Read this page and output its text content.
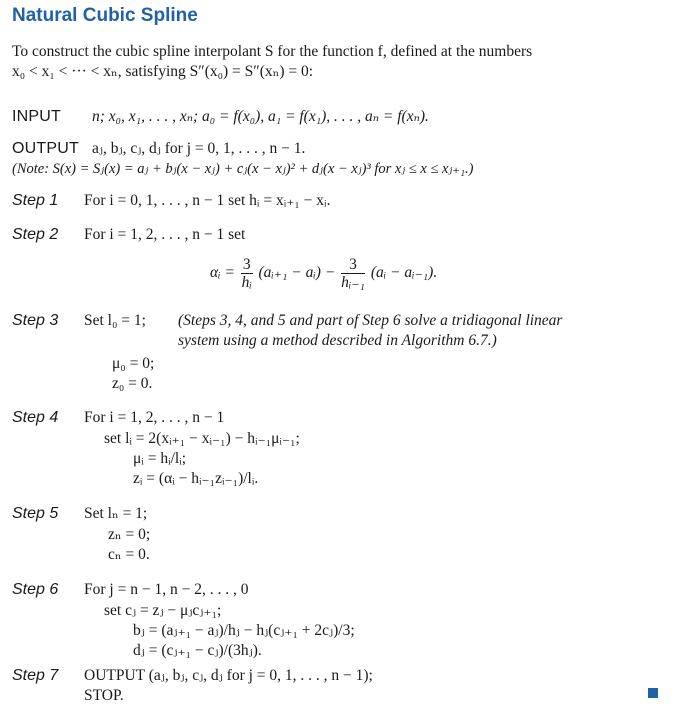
Natural Cubic Spline
To construct the cubic spline interpolant S for the function f, defined at the numbers
x₀ < x₁ < ··· < xₙ, satisfying S″(x₀) = S″(xₙ) = 0:
INPUT n; x₀, x₁, . . . , xₙ; a₀ = f(x₀), a₁ = f(x₁), . . . , aₙ = f(xₙ).
OUTPUT aⱼ, bⱼ, cⱼ, dⱼ for j = 0, 1, . . . , n − 1.
(Note: S(x) = Sⱼ(x) = aⱼ + bⱼ(x − xⱼ) + cⱼ(x − xⱼ)² + dⱼ(x − xⱼ)³ for xⱼ ≤ x ≤ xⱼ₊₁.)
Step 1 For i = 0, 1, . . . , n − 1 set hᵢ = xᵢ₊₁ − xᵢ.
Step 2 For i = 1, 2, . . . , n − 1 set
αᵢ = $\frac{3}{\text{hᵢ}}$ (aᵢ₊₁ − aᵢ) − $\frac{3}{\text{hᵢ₋₁}}$ (aᵢ − aᵢ₋₁).
Step 3 Set l₀ = 1; (Steps 3, 4, and 5 and part of Step 6 solve a tridiagonal linear
system using a method described in Algorithm 6.7.)
μ₀ = 0;
z₀ = 0.
Step 4 For i = 1, 2, . . . , n − 1
set lᵢ = 2(xᵢ₊₁ − xᵢ₋₁) − hᵢ₋₁μᵢ₋₁;
μᵢ = hᵢ/lᵢ;
zᵢ = (αᵢ − hᵢ₋₁zᵢ₋₁)/lᵢ.
Step 5 Set lₙ = 1;
zₙ = 0;
cₙ = 0.
Step 6 For j = n − 1, n − 2, . . . , 0
set cⱼ = zⱼ − μⱼcⱼ₊₁;
bⱼ = (aⱼ₊₁ − aⱼ)/hⱼ − hⱼ(cⱼ₊₁ + 2cⱼ)/3;
dⱼ = (cⱼ₊₁ − cⱼ)/(3hⱼ).
Step 7 OUTPUT (aⱼ, bⱼ, cⱼ, dⱼ for j = 0, 1, . . . , n − 1);
STOP.
